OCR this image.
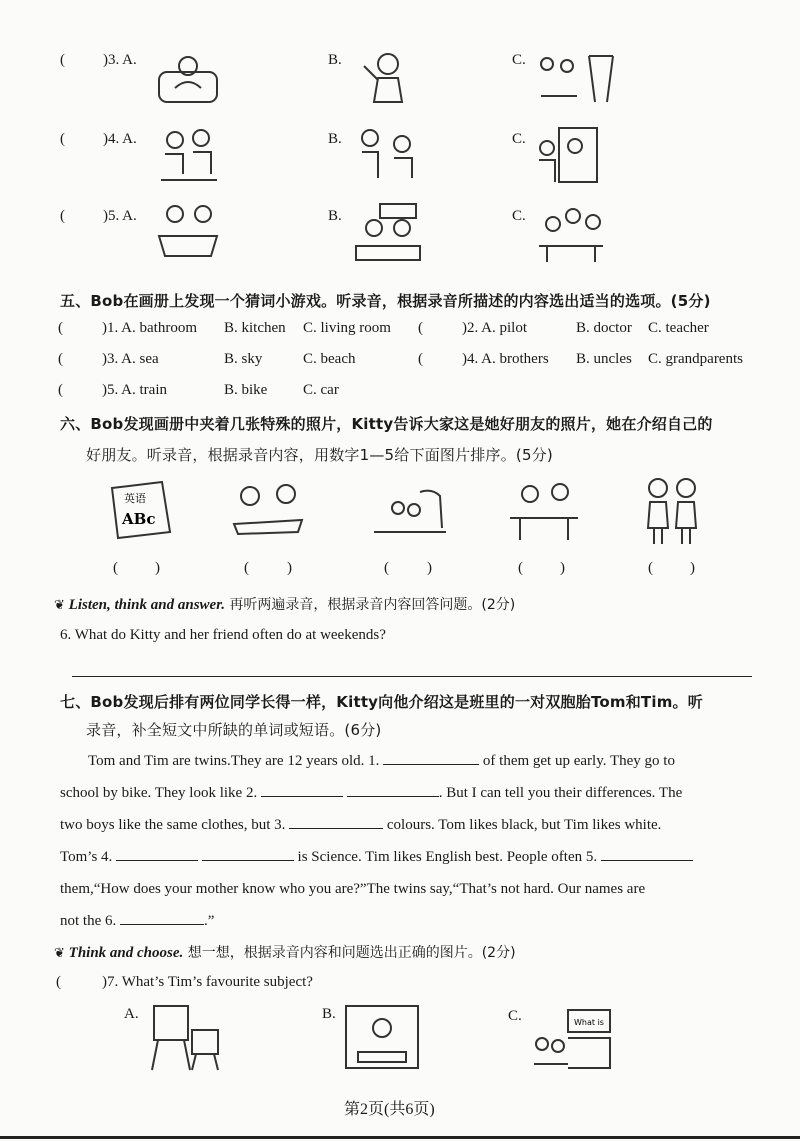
(	)3. A.	B.	C.
(	)4. A.	B.	C.
(	)5. A.	B.	C.
五、Bob在画册上发现一个猜词小游戏。听录音，根据录音所描述的内容选出适当的选项。(5分)
(	)1. A. bathroom B. kitchen C. living room (	)2. A. pilot	B. doctor C. teacher
(	)3. A. sea	B. sky	C. beach	(	)4. A. brothers B. uncles C. grandparents
(	)5. A. train	B. bike C. car
六、Bob发现画册中夹着几张特殊的照片，Kitty告诉大家这是她好朋友的照片，她在介绍自己的
好朋友。听录音，根据录音内容，用数字1—5给下面图片排序。(5分)
英语
ABc
( )	(	)	(	)	( )	( )
❦ Listen, think and answer. 再听两遍录音，根据录音内容回答问题。(2分)
6. What do Kitty and her friend often do at weekends?
七、Bob发现后排有两位同学长得一样，Kitty向他介绍这是班里的一对双胞胎Tom和Tim。听
录音，补全短文中所缺的单词或短语。(6分)
Tom and Tim are twins.They are 12 years old. 1.	of them get up early. They go to
school by bike. They look like 2.	. But I can tell you their differences. The
two boys like the same clothes, but 3.	colours. Tom likes black, but Tim likes white.
Tom’s 4.	is Science. Tim likes English best. People often 5.
them,“How does your mother know who you are?”The twins say,“That’s not hard. Our names are
not the 6.	.”
❦ Think and choose. 想一想，根据录音内容和问题选出正确的图片。(2分)
(	)7. What’s Tim’s favourite subject?
A.	B.	C.	What is
第2页(共6页)
